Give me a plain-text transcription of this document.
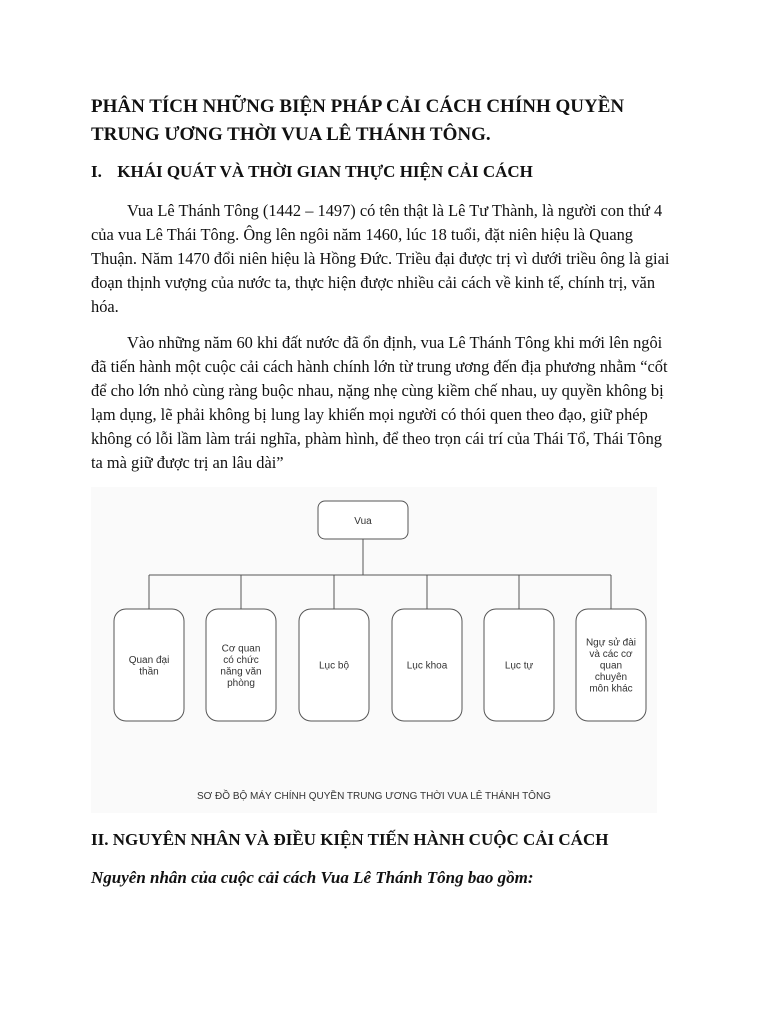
PHÂN TÍCH NHỮNG BIỆN PHÁP CẢI CÁCH CHÍNH QUYỀN
TRUNG ƯƠNG THỜI VUA LÊ THÁNH TÔNG.
I. KHÁI QUÁT VÀ THỜI GIAN THỰC HIỆN CẢI CÁCH

Vua Lê Thánh Tông (1442 – 1497) có tên thật là Lê Tư Thành, là người con thứ 4 của vua Lê Thái Tông. Ông lên ngôi năm 1460, lúc 18 tuổi, đặt niên hiệu là Quang Thuận. Năm 1470 đổi niên hiệu là Hồng Đức. Triều đại được trị vì dưới triều ông là giai đoạn thịnh vượng của nước ta, thực hiện được nhiều cải cách về kinh tế, chính trị, văn hóa.

Vào những năm 60 khi đất nước đã ổn định, vua Lê Thánh Tông khi mới lên ngôi đã tiến hành một cuộc cải cách hành chính lớn từ trung ương đến địa phương nhằm “cốt để cho lớn nhỏ cùng ràng buộc nhau, nặng nhẹ cùng kiềm chế nhau, uy quyền không bị lạm dụng, lẽ phải không bị lung lay khiến mọi người có thói quen theo đạo, giữ phép không có lỗi lầm làm trái nghĩa, phàm hình, để theo trọn cái trí của Thái Tổ, Thái Tông ta mà giữ được trị an lâu dài”

Vua
Quan đại
thần
Cơ quan
có chức
năng văn
phòng
Lục bộ	Lục khoa	Lục tự
Ngự sử đài
và các cơ
quan
chuyên
môn khác
SƠ ĐỒ BỘ MÁY CHÍNH QUYỀN TRUNG ƯƠNG THỜI VUA LÊ THÁNH TÔNG
II. NGUYÊN NHÂN VÀ ĐIỀU KIỆN TIẾN HÀNH CUỘC CẢI CÁCH

Nguyên nhân của cuộc cải cách Vua Lê Thánh Tông bao gồm:
